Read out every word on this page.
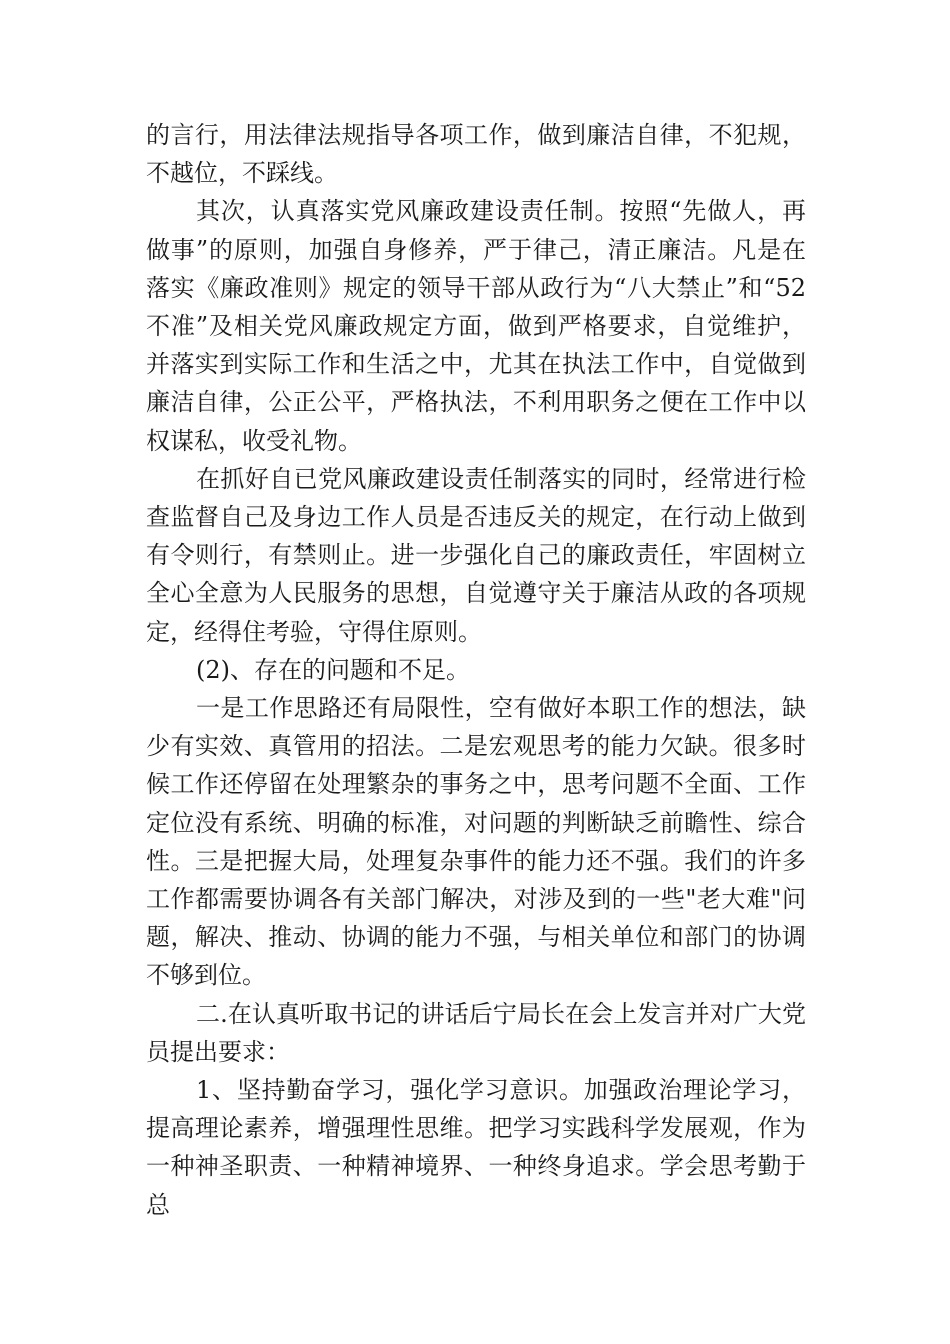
的言行，用法律法规指导各项工作，做到廉洁自律，不犯规，不越位，不踩线。

其次，认真落实党风廉政建设责任制。按照“先做人，再做事”的原则，加强自身修养，严于律己，清正廉洁。凡是在落实《廉政准则》规定的领导干部从政行为“八大禁止”和“52不准”及相关党风廉政规定方面，做到严格要求，自觉维护，并落实到实际工作和生活之中，尤其在执法工作中，自觉做到廉洁自律，公正公平，严格执法，不利用职务之便在工作中以权谋私，收受礼物。

在抓好自已党风廉政建设责任制落实的同时，经常进行检查监督自己及身边工作人员是否违反关的规定，在行动上做到有令则行，有禁则止。进一步强化自己的廉政责任，牢固树立全心全意为人民服务的思想，自觉遵守关于廉洁从政的各项规定，经得住考验，守得住原则。

(2)、存在的问题和不足。

一是工作思路还有局限性，空有做好本职工作的想法，缺少有实效、真管用的招法。二是宏观思考的能力欠缺。很多时候工作还停留在处理繁杂的事务之中，思考问题不全面、工作定位没有系统、明确的标准，对问题的判断缺乏前瞻性、综合性。三是把握大局，处理复杂事件的能力还不强。我们的许多工作都需要协调各有关部门解决，对涉及到的一些"老大难"问题，解决、推动、协调的能力不强，与相关单位和部门的协调不够到位。

二.在认真听取书记的讲话后宁局长在会上发言并对广大党员提出要求：

1、坚持勤奋学习，强化学习意识。加强政治理论学习，提高理论素养，增强理性思维。把学习实践科学发展观，作为一种神圣职责、一种精神境界、一种终身追求。学会思考勤于总
